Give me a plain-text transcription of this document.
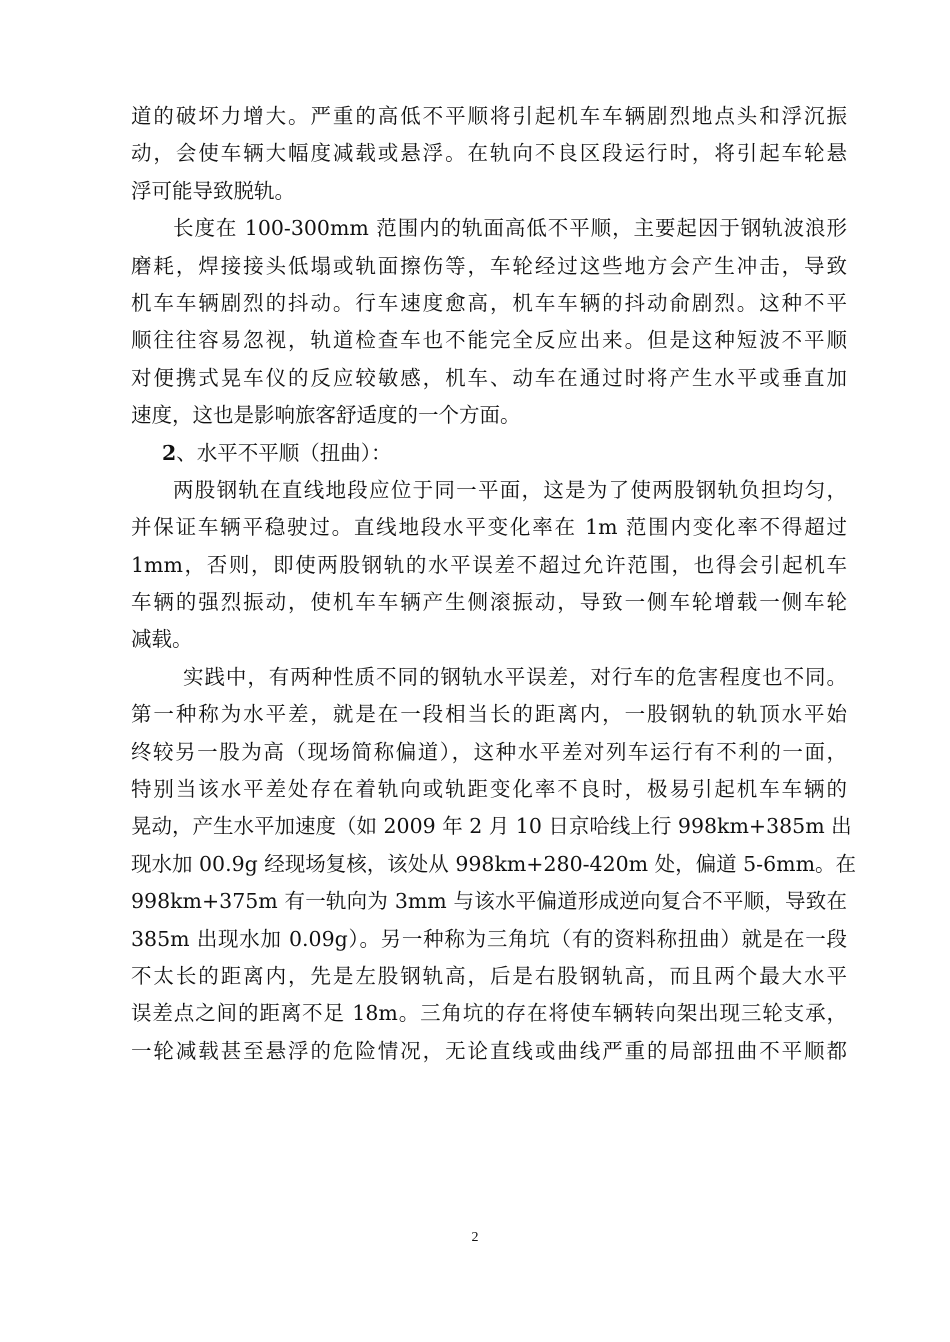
道的破坏力增大。严重的高低不平顺将引起机车车辆剧烈地点头和浮沉振
动，会使车辆大幅度减载或悬浮。在轨向不良区段运行时，将引起车轮悬
浮可能导致脱轨。
长度在 100-300mm 范围内的轨面高低不平顺，主要起因于钢轨波浪形
磨耗，焊接接头低塌或轨面擦伤等，车轮经过这些地方会产生冲击，导致
机车车辆剧烈的抖动。行车速度愈高，机车车辆的抖动俞剧烈。这种不平
顺往往容易忽视，轨道检查车也不能完全反应出来。但是这种短波不平顺
对便携式晃车仪的反应较敏感，机车、动车在通过时将产生水平或垂直加
速度，这也是影响旅客舒适度的一个方面。
2、水平不平顺（扭曲）：
两股钢轨在直线地段应位于同一平面，这是为了使两股钢轨负担均匀，
并保证车辆平稳驶过。直线地段水平变化率在 1m 范围内变化率不得超过
1mm，否则，即使两股钢轨的水平误差不超过允许范围，也得会引起机车
车辆的强烈振动，使机车车辆产生侧滚振动，导致一侧车轮增载一侧车轮
减载。
实践中，有两种性质不同的钢轨水平误差，对行车的危害程度也不同。
第一种称为水平差，就是在一段相当长的距离内，一股钢轨的轨顶水平始
终较另一股为高（现场简称偏道），这种水平差对列车运行有不利的一面，
特别当该水平差处存在着轨向或轨距变化率不良时，极易引起机车车辆的
晃动，产生水平加速度（如 2009 年 2 月 10 日京哈线上行 998km+385m 出
现水加 00.9g 经现场复核，该处从 998km+280-420m 处，偏道 5-6mm。在
998km+375m 有一轨向为 3mm 与该水平偏道形成逆向复合不平顺，导致在
385m 出现水加 0.09g）。另一种称为三角坑（有的资料称扭曲）就是在一段
不太长的距离内，先是左股钢轨高，后是右股钢轨高，而且两个最大水平
误差点之间的距离不足 18m。三角坑的存在将使车辆转向架出现三轮支承，
一轮减载甚至悬浮的危险情况，无论直线或曲线严重的局部扭曲不平顺都
2
